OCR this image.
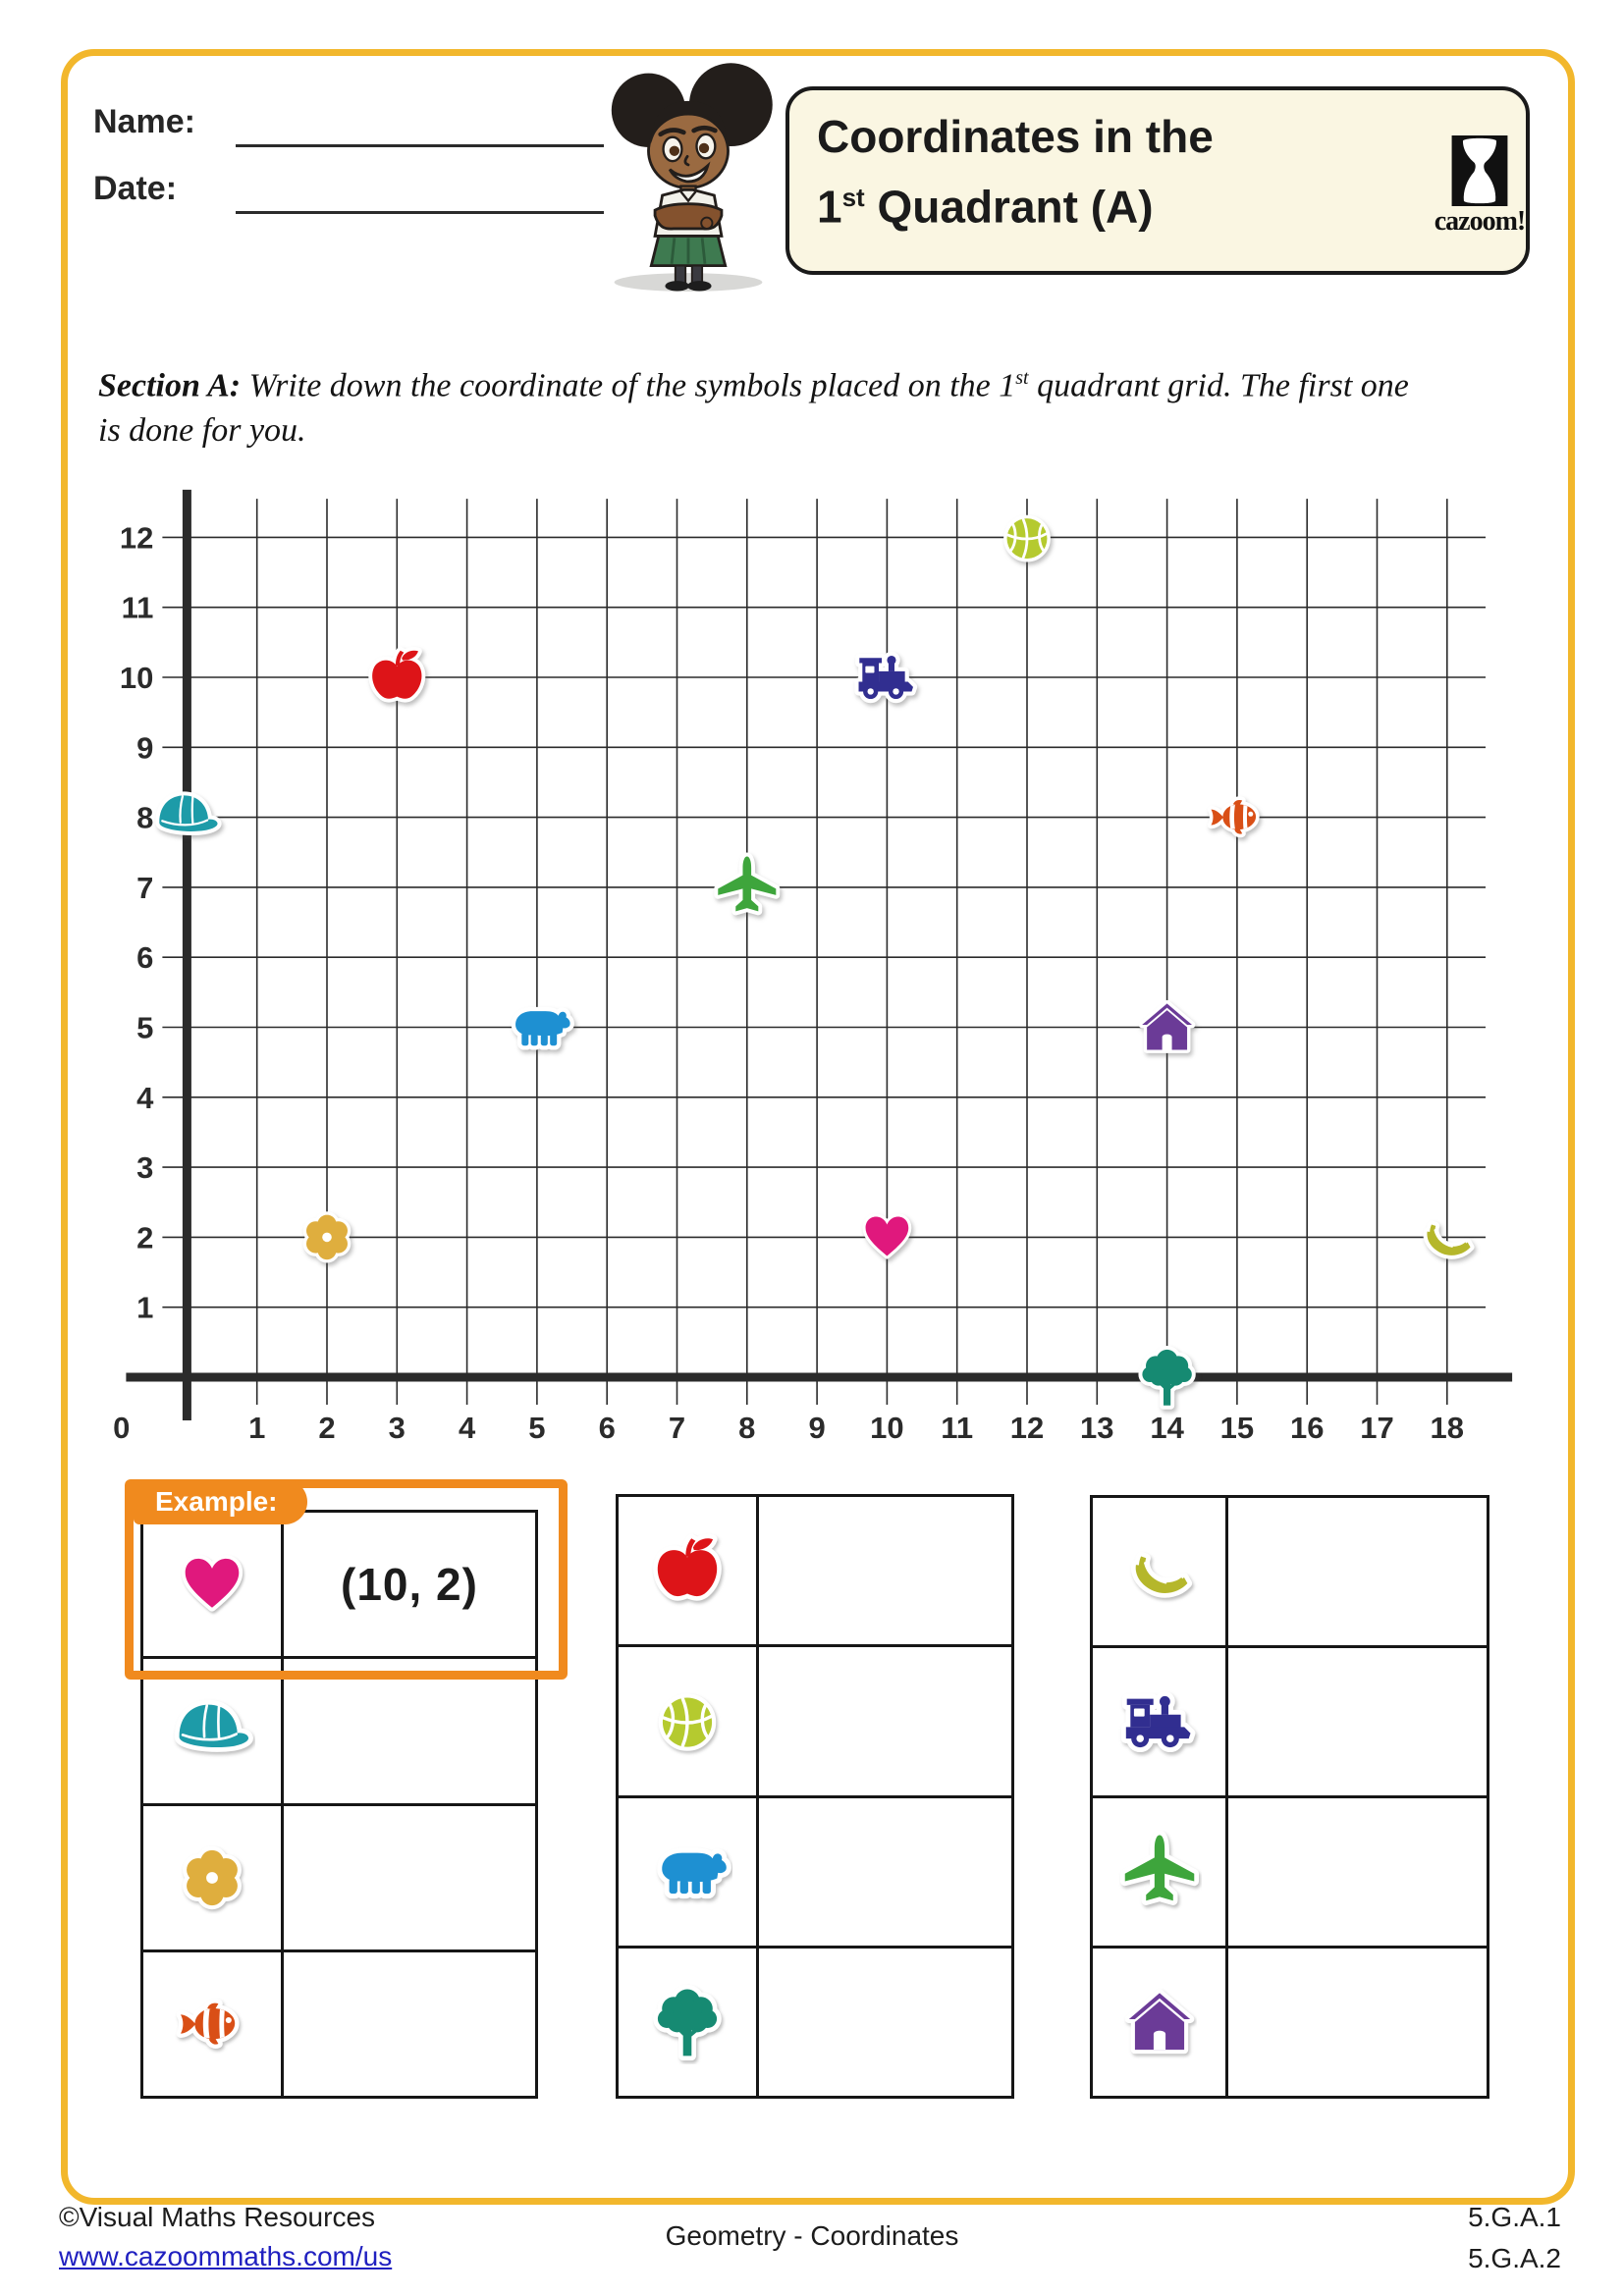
Name:
Date:
Coordinates in the
1st Quadrant (A)	cazoom!
Section A: Write down the coordinate of the symbols placed on the 1st quadrant grid. The first one
is done for you.
1 2 3 4 5 6 7 8 9 10 11 12 13 14 15 16 17 18
1
2
3
4
5
6
7
8
9
10
11
12
0
(10, 2)
Example:
©Visual Maths Resources
www.cazoommaths.com/us
Geometry - Coordinates
5.G.A.1
5.G.A.2
